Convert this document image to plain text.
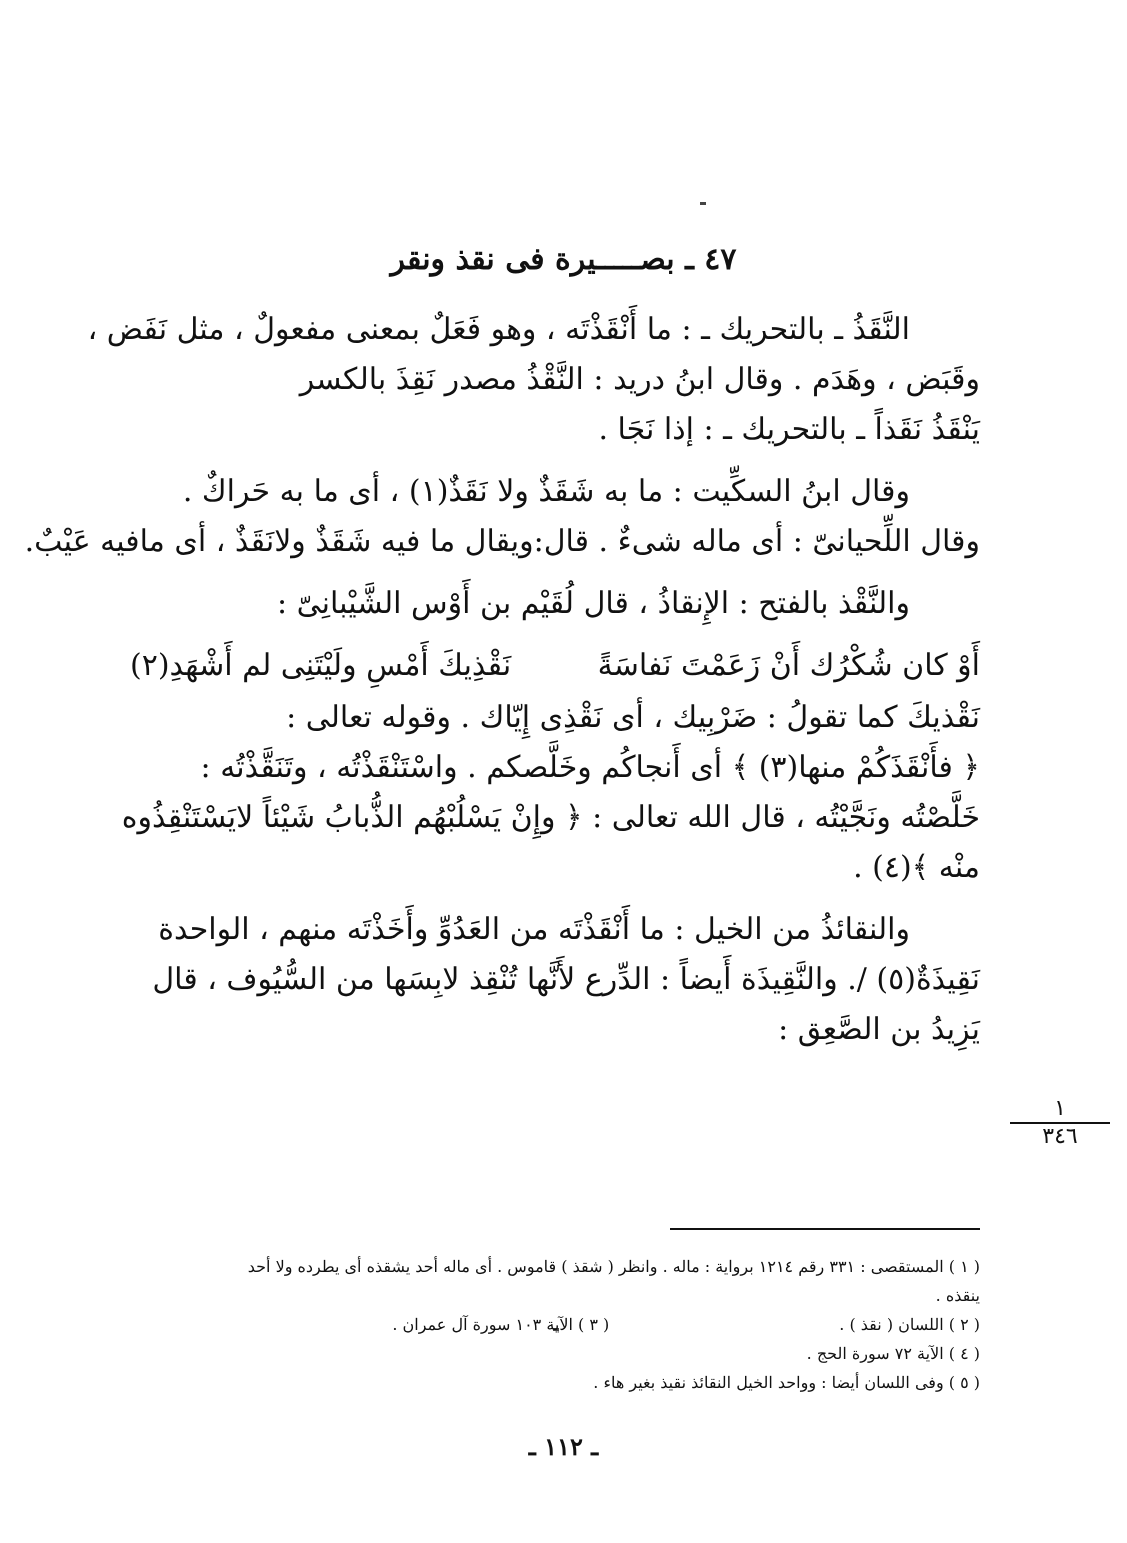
٤٧ ـ بصـــــيرة فى نقذ ونقر

النَّقَذُ ـ بالتحريك ـ : ما أَنْقَذْتَه ، وهو فَعَلٌ بمعنى مفعولٌ ، مثل نَفَض ،
وقَبَض ، وهَدَم . وقال ابنُ دريد : النَّقْذُ مصدر نَقِذَ بالكسر
يَنْقَذُ نَقَذاً ـ بالتحريك ـ : إذا نَجَا .

وقال ابنُ السكِّيت : ما به شَقَذٌ ولا نَقَذٌ(١) ، أى ما به حَراكٌ .
وقال اللِّحيانىّ : أى ماله شىءٌ . قال:ويقال ما فيه شَقَذٌ ولانَقَذٌ ، أى مافيه عَيْبٌ.

والنَّقْذ بالفتح : الإِنقاذُ ، قال لُقَيْم بن أَوْس الشَّيْبانِىّ :

أَوْ كان شُكْرُك أَنْ زَعَمْتَ نَفاسَةً
نَقْذِيكَ أَمْسِ ولَيْتَنِى لم أَشْهَدِ(٢)

نَقْذيكَ كما تقولُ : ضَرْبِيك ، أى نَقْذِى إِيّاك . وقوله تعالى :
﴿ فأَنْقَذَكُمْ منها(٣) ﴾ أى أَنجاكُم وخَلَّصكم . واسْتَنْقَذْتُه ، وتَنَقَّذْتُه :
خَلَّصْتُه ونَجَّيْتُه ، قال الله تعالى : ﴿ وإِنْ يَسْلُبْهُم الذُّبابُ شَيْئاً لايَسْتَنْقِذُوه
منْه ﴾(٤) .

والنقائذُ من الخيل : ما أَنْقَذْتَه من العَدُوِّ وأَخَذْتَه منهم ، الواحدة
نَقِيذَةٌ(٥) /. والنَّقِيذَة أَيضاً : الدِّرع لأَنَّها تُنْقِذ لابِسَها من السُّيُوف ، قال
يَزِيدُ بن الصَّعِق :

١
٣٤٦
( ١ ) المستقصى : ٣٣١ رقم ١٢١٤ برواية : ماله . وانظر ( شقذ ) قاموس . أى ماله أحد يشقذه أى يطرده ولا أحد
ينقذه .
( ٢ ) اللسان ( نقذ ) .
( ٣ ) الآية ١٠٣ سورة آل عمران .
( ٤ ) الآية ٧٢ سورة الحج .
( ٥ ) وفى اللسان أيضا : وواحد الخيل النقائذ نقيذ بغير هاء .
ـ ١١٢ ـ
